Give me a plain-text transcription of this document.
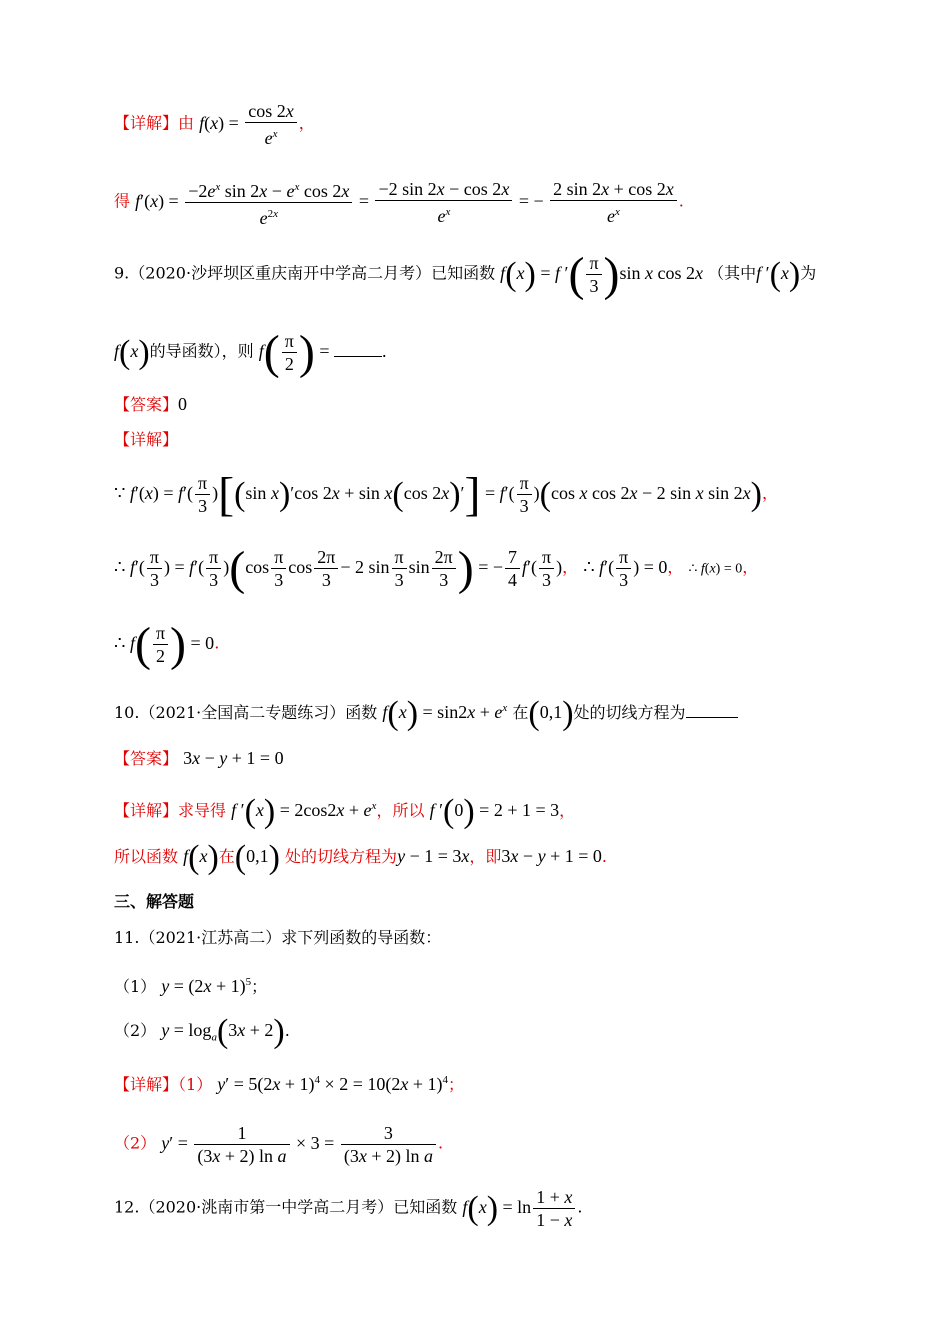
【详解】由 $f(x) = \frac{\cos 2x}{e^x}$ ，
得 $f'(x) = \frac{-2e^x \sin 2x - e^x \cos 2x}{e^{2x}} = \frac{-2 \sin 2x - \cos 2x}{e^x}$ = − $\frac{2 \sin 2x + \cos 2x}{e^x}$ .
9.（2020·沙坪坝区重庆南开中学高二月考）已知函数 f(x) = f ′( $\frac{\pi}{3} )\sin$ x cos 2x （其中f ′(x)为
f(x)的导函数），则 $f( \frac{\pi}{2}$ ) =	.
【答案】0
【详解】
∵ $f'(x) = f'( \frac{\pi}{3} )[(\sin$ x)′cos 2x + sin x(cos $2x)'] = f'( \frac{\pi}{3} )(\cos$ x cos 2x − 2 sin x sin 2x)，
∴ $f'( \frac{\pi}{3}$ ) = $f'( \frac{\pi}{3} )(\cos \frac{\pi}{3}$ $\cos \frac{2\pi}{3} - 2$ $\sin \frac{\pi}{3}$ $\sin \frac{2\pi}{3}$ ) = − $\frac{7}{4} f'( \frac{\pi}{3}$ )， ∴ $f'( \frac{\pi}{3}$ ) = 0， ∴ f(x) = 0，
∴ $f( \frac{\pi}{2}$ ) = 0.
10.（2021·全国高二专题练习）函数 $f(x) = \sin 2x + e^x$ 在(0,1)处的切线方程为
【答案】 3x − y + 1 = 0
【详解】求导得 f $'(x) = 2\cos 2x + e^x$，所以 f ′(0) = 2 + 1 = 3，
所以函数 f(x)在(0,1) 处的切线方程为y − 1 = 3x，即3x − y + 1 = 0.
三、解答题
11.（2021·江苏高二）求下列函数的导函数：
（1） $y = (2x + 1)^5$；
（2） $y = \log_a(3x + 2)$.
【详解】（1） $y' = 5(2x + 1)^4 \times 2 = 10(2x + 1)^4$；
（2） $y' = \frac{1}{\text{(3x + 2) ln a}} \times 3 = \frac{3}{\text{(3x + 2) ln a}}$ .
12.（2020·洮南市第一中学高二月考）已知函数 $f(x) = \ln \frac{1 + x}{1 - x}$ .
